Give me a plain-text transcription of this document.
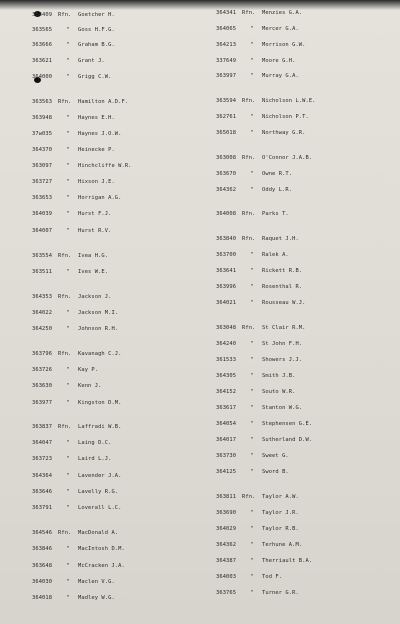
364409 Rfn. Goetcher H.
363565	" Goss H.F.G.
363666	" Graham B.G.
363621	" Grant J.
364000	" Grigg C.W.
363563 Rfn. Hamilton A.D.F.
363948	" Haynes E.H.
37w035	" Haynes J.O.W.
364370	" Heinecke P.
363097	" Hinchcliffe W.R.
363727	" Hixson J.E.
363653	" Horrigan A.G.
364039	" Hurst F.J.
364007	" Hurst R.V.
363554 Rfn. Ivea H.G.
363511	" Ives W.E.
364353 Rfn. Jackson J.
364022	" Jackson M.I.
364250	" Johnson R.H.
363796 Rfn. Kavanagh C.J.
363726	" Kay P.
363630	" Kenn J.
363977	" Kingston D.M.
363837 Rfn. Laffradi W.B.
364047	" Laing D.C.
363723	" Laird L.J.
364364	" Lavender J.A.
363646	" Lavelly R.G.
363791	" Loverall L.C.
364546 Rfn. MacDonald A.
363846	" MacIntosh D.M.
363648	" McCracken J.A.
364030	" Maclen V.G.
364018	" Madley W.G.
364341 Rfn. Menzies G.A.
364065	" Mercer G.A.
364213	" Morrison G.W.
337649	" Moore G.H.
363997	" Murray G.A.
363594 Rfn. Nicholson L.W.E.
362761	" Nicholson P.T.
365018	" Northway G.R.
363008 Rfn. O'Connor J.A.B.
363670	" Owne R.T.
364362	" Oddy L.R.
364008 Rfn. Parks T.
363840 Rfn. Raquet J.H.
363700	" Ralek A.
363641	" Rickett R.B.
363996	" Rosenthal R.
364021	" Rousseau W.J.
363048 Rfn. St Clair R.M.
364240	" St John F.H.
361533	" Showers J.J.
364305	" Smith J.B.
364152	" Souto W.R.
363617	" Stanton W.G.
364054	" Stephensen G.E.
364017	" Sutherland D.W.
363730	" Sweet G.
364125	" Sword B.
363811 Rfn. Taylor A.W.
363690	" Taylor J.R.
364029	" Taylor R.B.
364362	" Terhune A.M.
364387	" Therriault B.A.
364003	" Tod F.
363765	" Turner G.R.
